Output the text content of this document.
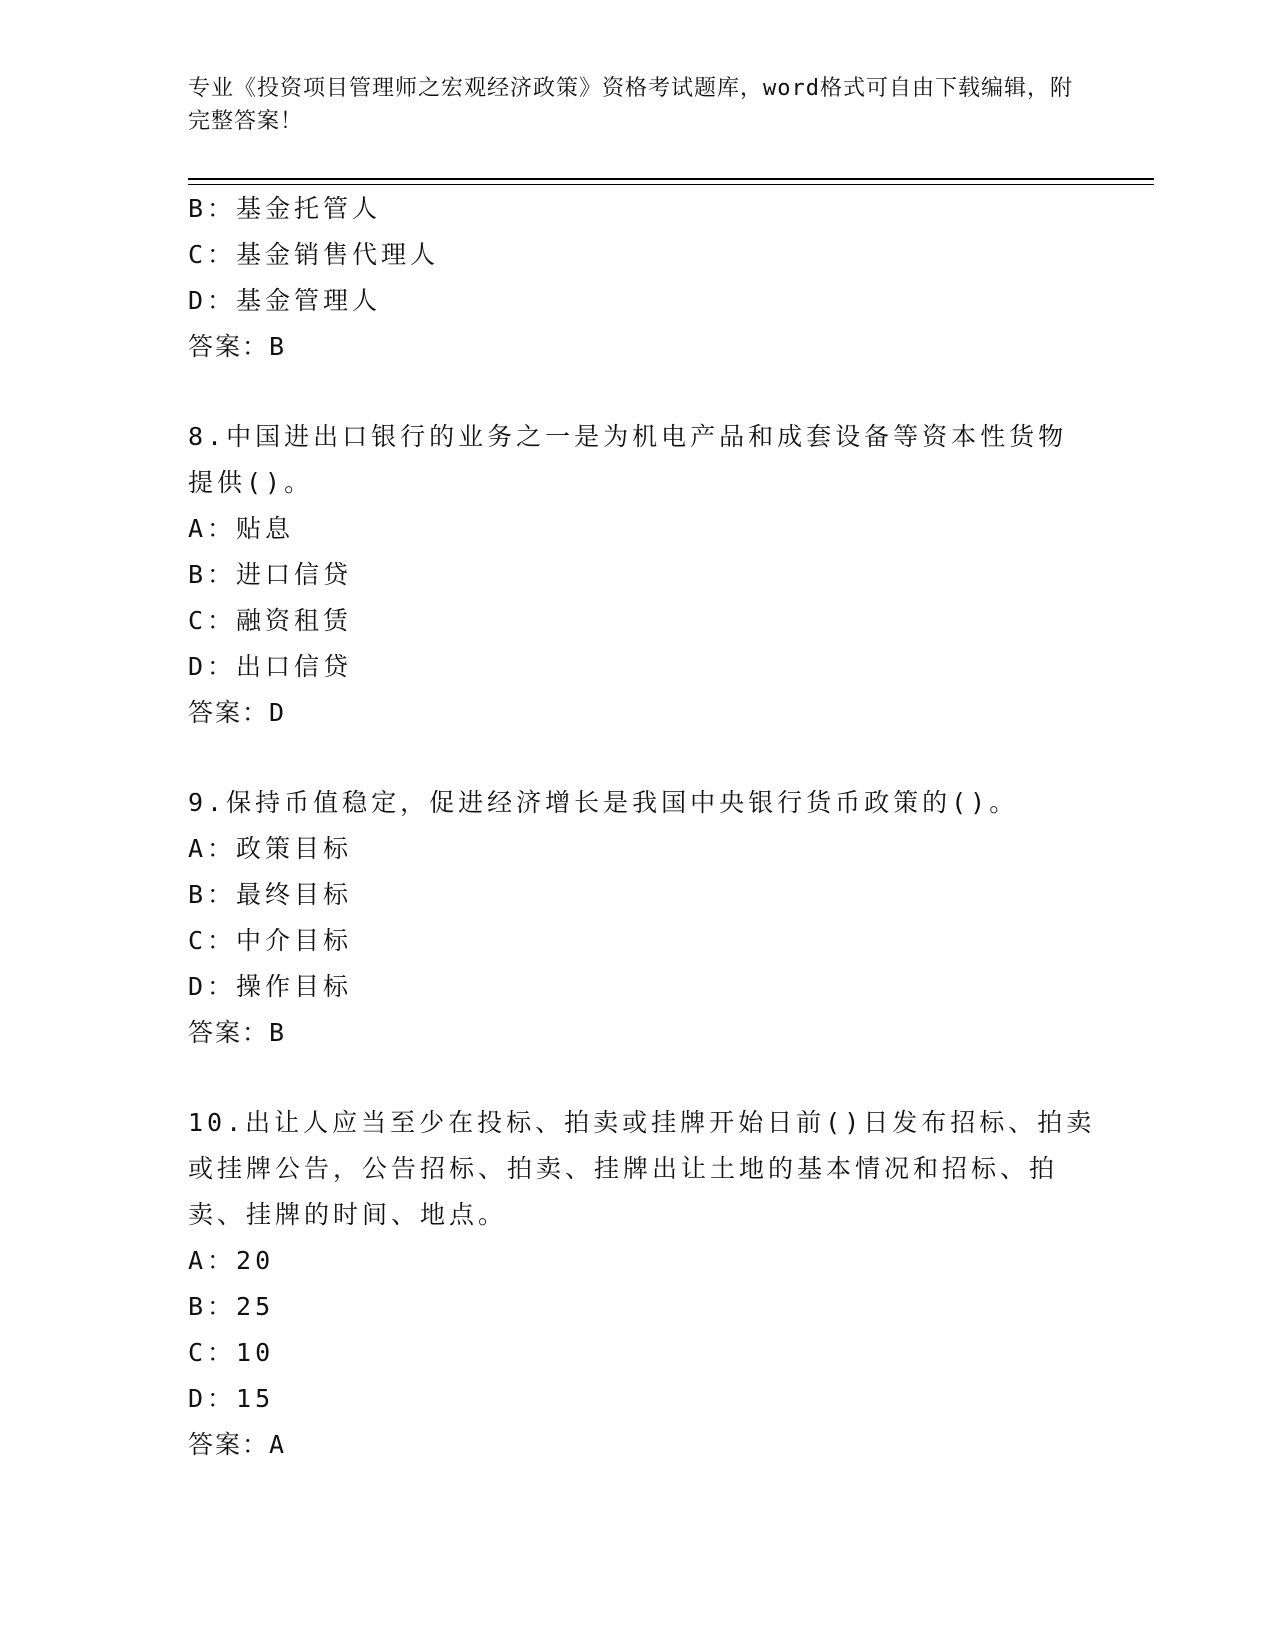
专业《投资项目管理师之宏观经济政策》资格考试题库，word格式可自由下载编辑，附完整答案！
B：基金托管人
C：基金销售代理人
D：基金管理人
答案：B
8.中国进出口银行的业务之一是为机电产品和成套设备等资本性货物
提供()。
A：贴息
B：进口信贷
C：融资租赁
D：出口信贷
答案：D
9.保持币值稳定，促进经济增长是我国中央银行货币政策的()。
A：政策目标
B：最终目标
C：中介目标
D：操作目标
答案：B
10.出让人应当至少在投标、拍卖或挂牌开始日前()日发布招标、拍卖
或挂牌公告，公告招标、拍卖、挂牌出让土地的基本情况和招标、拍
卖、挂牌的时间、地点。
A：20
B：25
C：10
D：15
答案：A
